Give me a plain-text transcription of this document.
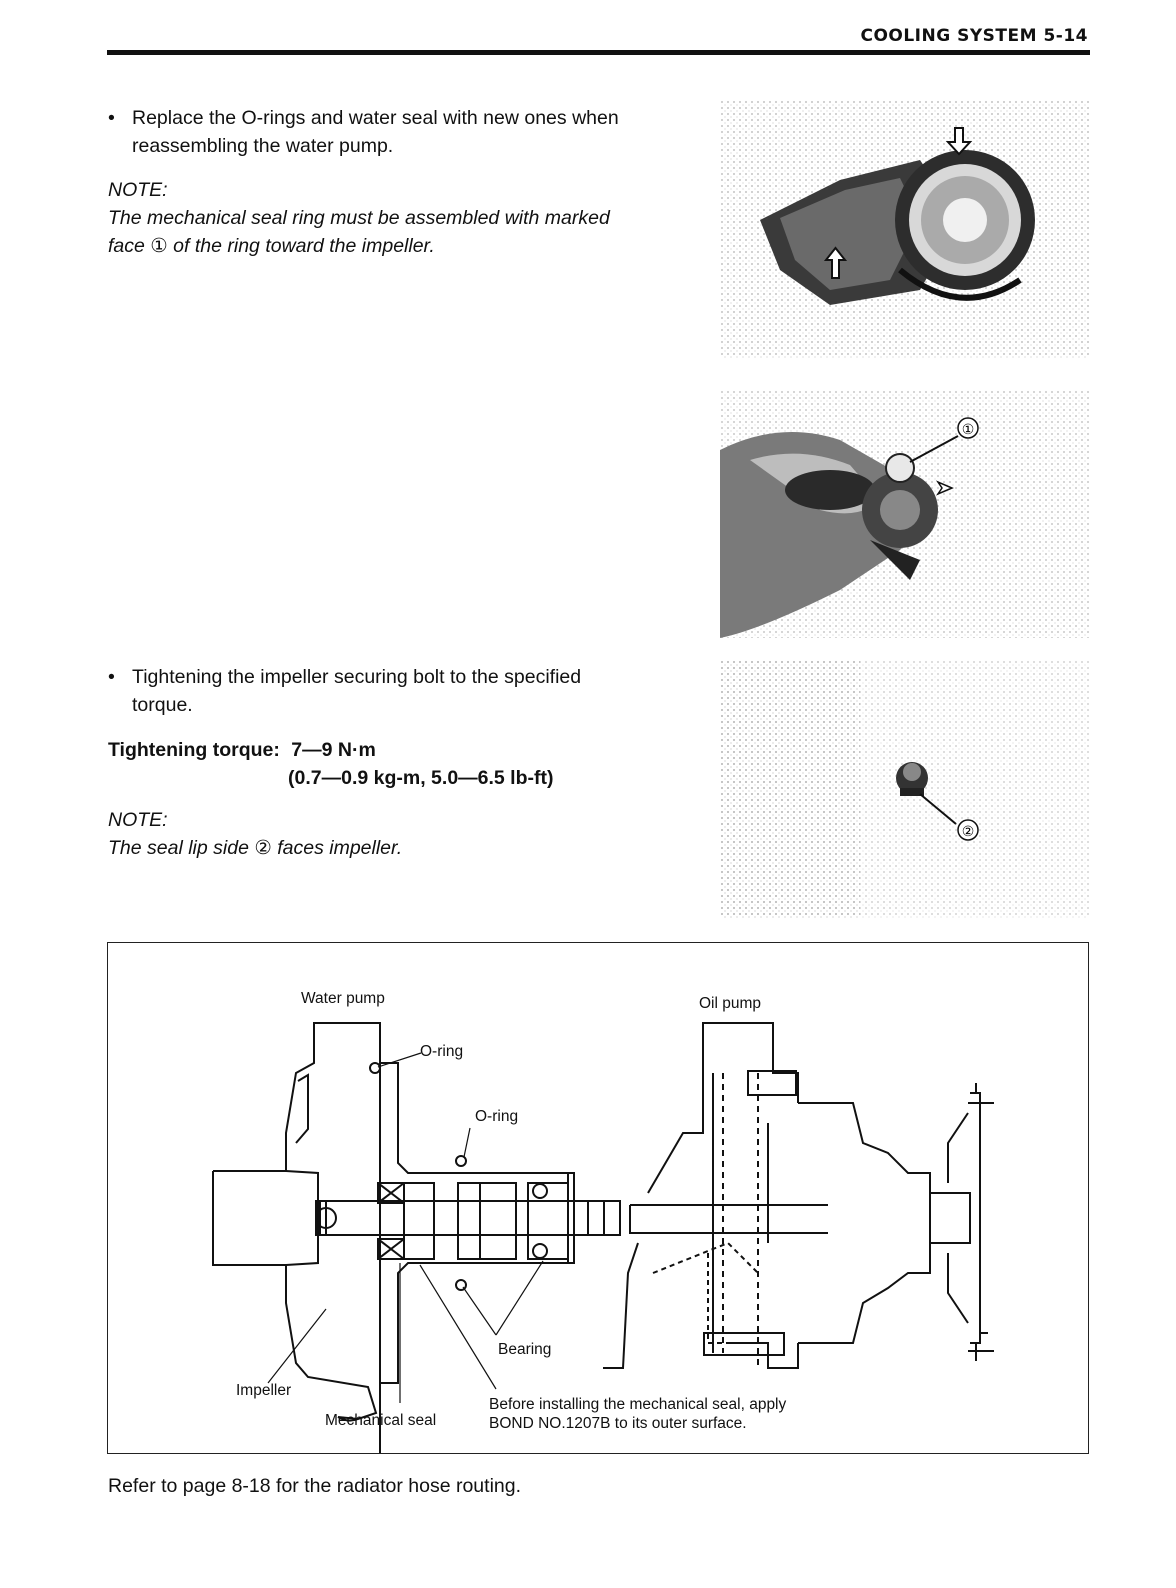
COOLING SYSTEM 5-14
• Replace the O-rings and water seal with new ones when
reassembling the water pump.
NOTE:
The mechanical seal ring must be assembled with marked
face ① of the ring toward the impeller.
①
• Tightening the impeller securing bolt to the specified
torque.
Tightening torque: 7—9 N·m
(0.7—0.9 kg-m, 5.0—6.5 lb-ft)
NOTE:
The seal lip side ② faces impeller.
②
Water pump	Oil pump
O-ring
O-ring
Bearing
Impeller
Mechanical seal
Before installing the mechanical seal, apply
BOND NO.1207B to its outer surface.
Refer to page 8-18 for the radiator hose routing.
